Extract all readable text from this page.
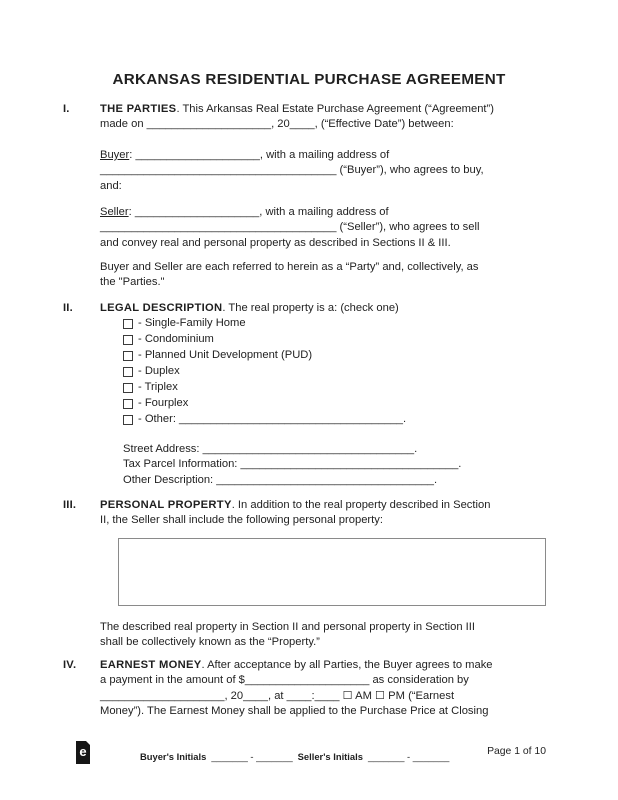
ARKANSAS RESIDENTIAL PURCHASE AGREEMENT
I.	THE PARTIES. This Arkansas Real Estate Purchase Agreement (“Agreement”)
made on ____________________, 20____, (“Effective Date”) between:
Buyer: ____________________, with a mailing address of
______________________________________ (“Buyer”), who agrees to buy,
and:
Seller: ____________________, with a mailing address of
______________________________________ (“Seller”), who agrees to sell
and convey real and personal property as described in Sections II & III.
Buyer and Seller are each referred to herein as a “Party” and, collectively, as
the "Parties."
II.	LEGAL DESCRIPTION. The real property is a: (check one)
- Single-Family Home
- Condominium
- Planned Unit Development (PUD)
- Duplex
- Triplex
- Fourplex
- Other: ____________________________________.
Street Address: __________________________________.
Tax Parcel Information: ___________________________________.
Other Description: ___________________________________.
III.	PERSONAL PROPERTY. In addition to the real property described in Section
II, the Seller shall include the following personal property:
The described real property in Section II and personal property in Section III
shall be collectively known as the “Property.”
IV.	EARNEST MONEY. After acceptance by all Parties, the Buyer agrees to make
a payment in the amount of $____________________ as consideration by
____________________, 20____, at ____:____ ☐ AM ☐ PM (“Earnest
Money”). The Earnest Money shall be applied to the Purchase Price at Closing
e	Buyer's Initials _______ - _______ Seller's Initials _______ - _______	Page 1 of 10
